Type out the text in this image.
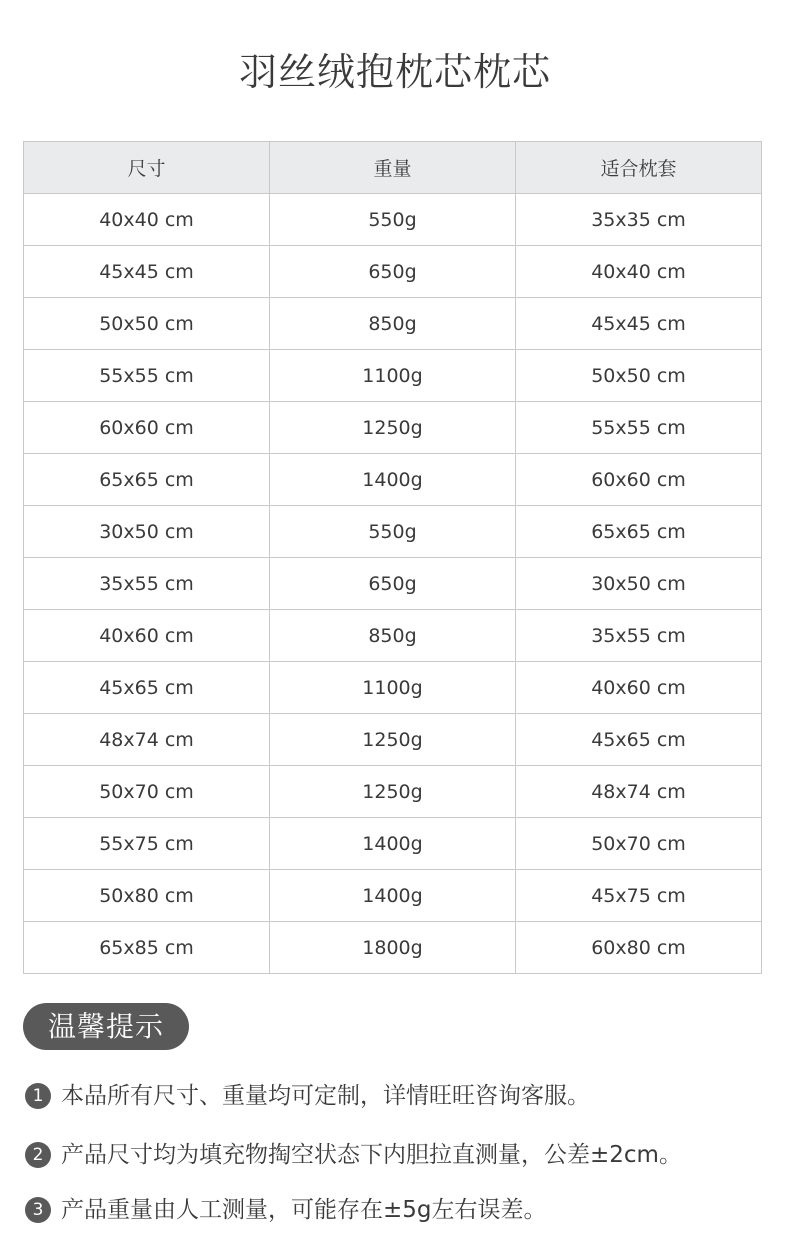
羽丝绒抱枕芯枕芯
尺寸	重量	适合枕套
40x40 cm	550g	35x35 cm
45x45 cm	650g	40x40 cm
50x50 cm	850g	45x45 cm
55x55 cm	1100g	50x50 cm
60x60 cm	1250g	55x55 cm
65x65 cm	1400g	60x60 cm
30x50 cm	550g	65x65 cm
35x55 cm	650g	30x50 cm
40x60 cm	850g	35x55 cm
45x65 cm	1100g	40x60 cm
48x74 cm	1250g	45x65 cm
50x70 cm	1250g	48x74 cm
55x75 cm	1400g	50x70 cm
50x80 cm	1400g	45x75 cm
65x85 cm	1800g	60x80 cm
温馨提示
1 本品所有尺寸、重量均可定制，详情旺旺咨询客服。
2 产品尺寸均为填充物掏空状态下内胆拉直测量，公差±2cm。
3 产品重量由人工测量，可能存在±5g左右误差。
